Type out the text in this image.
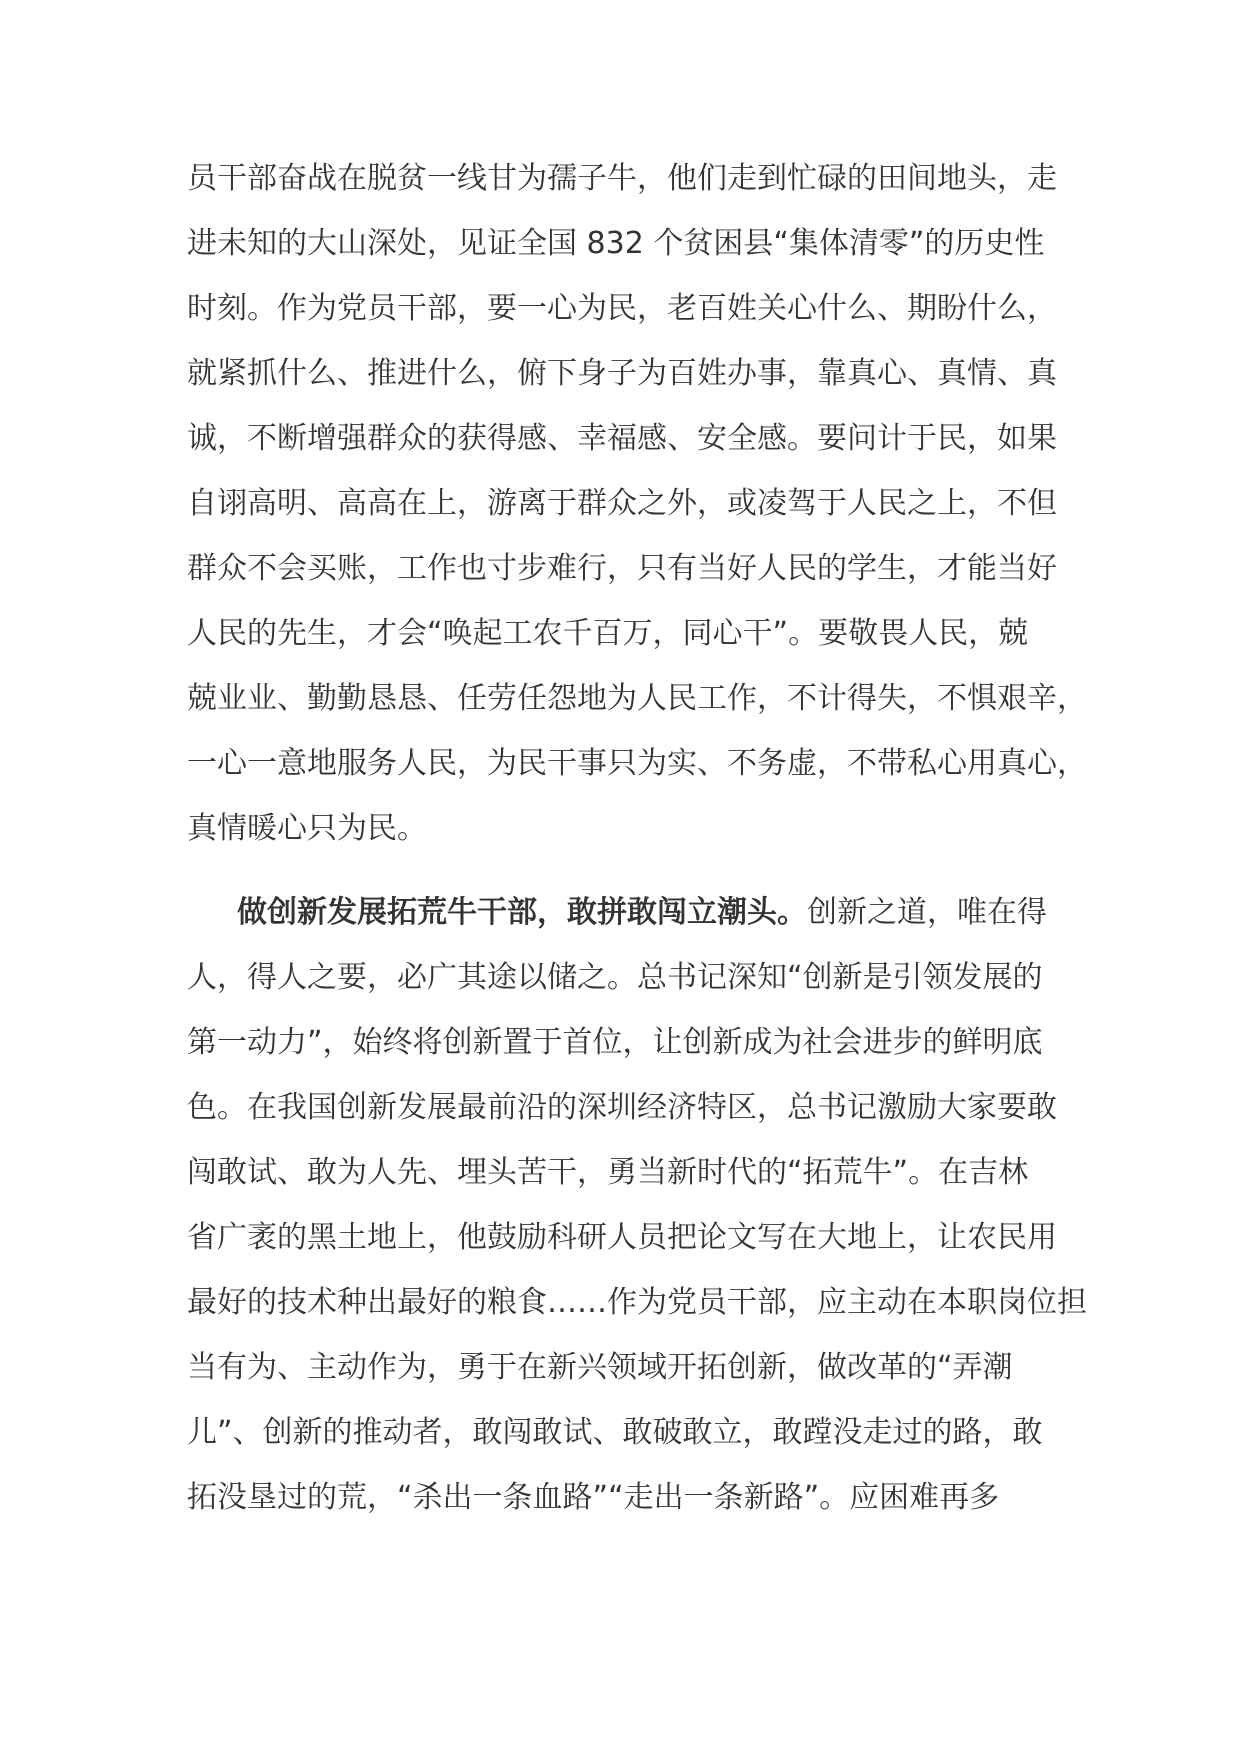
员干部奋战在脱贫一线甘为孺子牛，他们走到忙碌的田间地头，走
进未知的大山深处，见证全国 832 个贫困县“集体清零”的历史性
时刻。作为党员干部，要一心为民，老百姓关心什么、期盼什么，
就紧抓什么、推进什么，俯下身子为百姓办事，靠真心、真情、真
诚，不断增强群众的获得感、幸福感、安全感。要问计于民，如果
自诩高明、高高在上，游离于群众之外，或凌驾于人民之上，不但
群众不会买账，工作也寸步难行，只有当好人民的学生，才能当好
人民的先生，才会“唤起工农千百万，同心干”。要敬畏人民，兢
兢业业、勤勤恳恳、任劳任怨地为人民工作，不计得失，不惧艰辛，
一心一意地服务人民，为民干事只为实、不务虚，不带私心用真心，
真情暖心只为民。
做创新发展拓荒牛干部，敢拼敢闯立潮头。创新之道，唯在得
人，得人之要，必广其途以储之。总书记深知“创新是引领发展的
第一动力”，始终将创新置于首位，让创新成为社会进步的鲜明底
色。在我国创新发展最前沿的深圳经济特区，总书记激励大家要敢
闯敢试、敢为人先、埋头苦干，勇当新时代的“拓荒牛”。在吉林
省广袤的黑土地上，他鼓励科研人员把论文写在大地上，让农民用
最好的技术种出最好的粮食……作为党员干部，应主动在本职岗位担
当有为、主动作为，勇于在新兴领域开拓创新，做改革的“弄潮
儿”、创新的推动者，敢闯敢试、敢破敢立，敢蹚没走过的路，敢
拓没垦过的荒，“杀出一条血路”“走出一条新路”。应困难再多
